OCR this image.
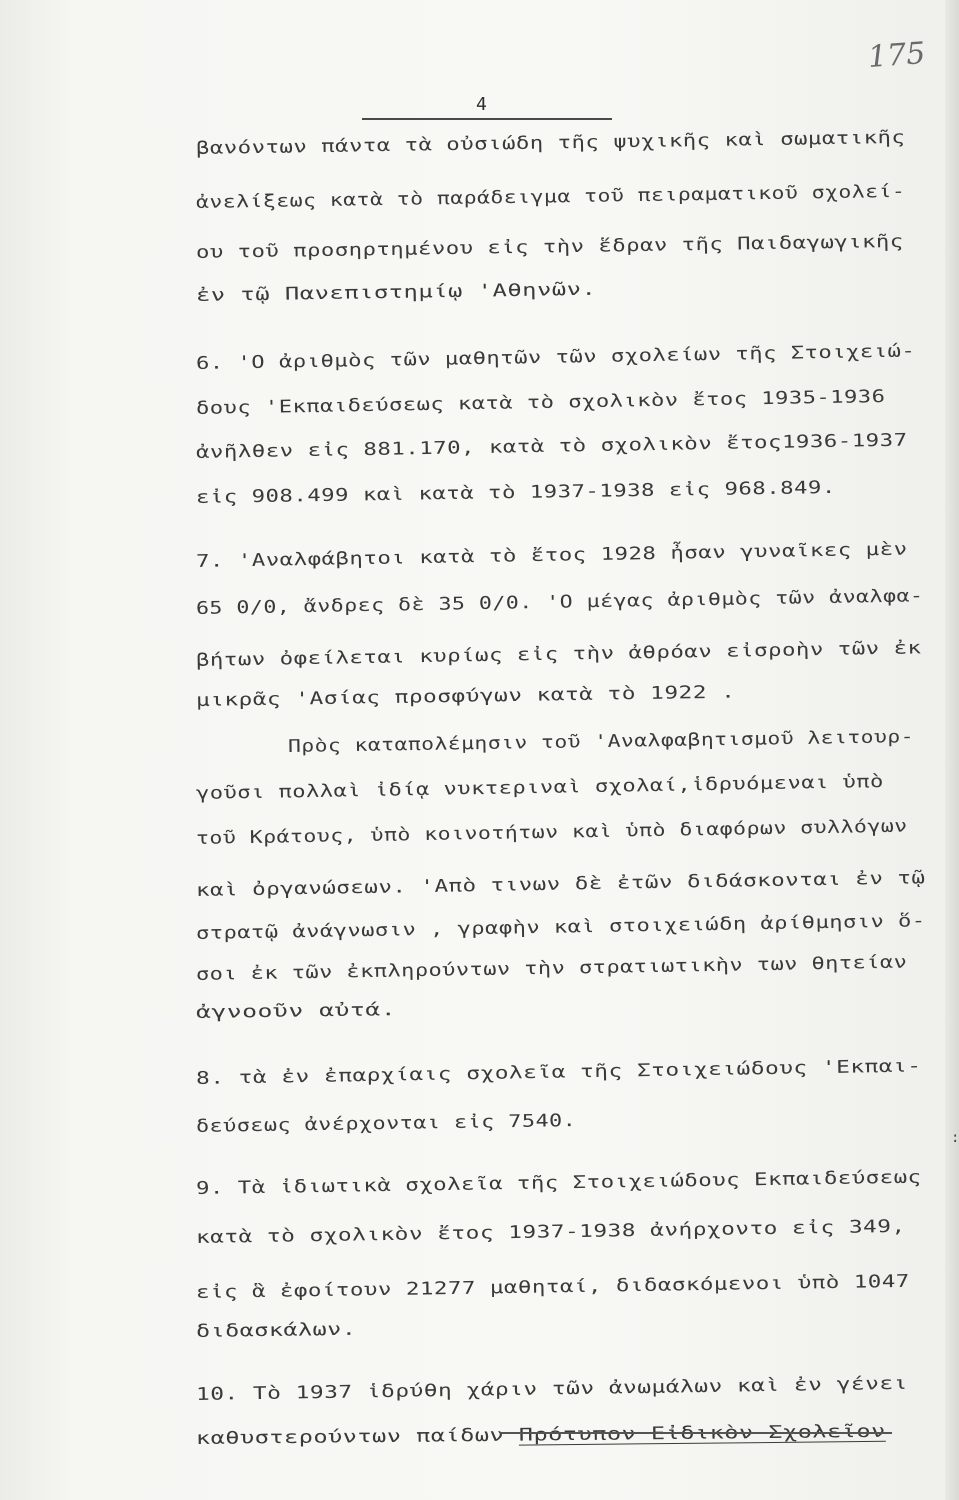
175
4
βανόντων πάντα τὰ οὐσιώδη τῆς ψυχικῆς καὶ σωματικῆς
ἀνελίξεως κατὰ τὸ παράδειγμα τοῦ πειραματικοῦ σχολεί-
ου τοῦ προσηρτημένου εἰς τὴν ἕδραν τῆς Παιδαγωγικῆς
ἐν τῷ Πανεπιστημίῳ 'Αθηνῶν.
6. 'Ο ἀριθμὸς τῶν μαθητῶν τῶν σχολείων τῆς Στοιχειώ-
δους 'Εκπαιδεύσεως κατὰ τὸ σχολικὸν ἔτος 1935-1936
ἀνῆλθεν εἰς 881.170, κατὰ τὸ σχολικὸν ἔτος1936-1937
εἰς 908.499 καὶ κατὰ τὸ 1937-1938 εἰς 968.849.
7. 'Αναλφάβητοι κατὰ τὸ ἔτος 1928 ἦσαν γυναῖκες μὲν
65 0/0, ἄνδρες δὲ 35 0/0. 'Ο μέγας ἀριθμὸς τῶν ἀναλφα-
βήτων ὀφείλεται κυρίως εἰς τὴν ἀθρόαν εἰσροὴν τῶν ἐκ
μικρᾶς 'Ασίας προσφύγων κατὰ τὸ 1922 .
Πρὸς καταπολέμησιν τοῦ 'Αναλφαβητισμοῦ λειτουρ-
γοῦσι πολλαὶ ἰδίᾳ νυκτεριναὶ σχολαί,ἱδρυόμεναι ὑπὸ
τοῦ Κράτους, ὑπὸ κοινοτήτων καὶ ὑπὸ διαφόρων συλλόγων
καὶ ὀργανώσεων. 'Απὸ τινων δὲ ἐτῶν διδάσκονται ἐν τῷ
στρατῷ ἀνάγνωσιν , γραφὴν καὶ στοιχειώδη ἀρίθμησιν ὅ-
σοι ἐκ τῶν ἐκπληρούντων τὴν στρατιωτικὴν των θητείαν
ἀγνοοῦν αὐτά.
8. τὰ ἐν ἐπαρχίαις σχολεῖα τῆς Στοιχειώδους 'Εκπαι-
δεύσεως ἀνέρχονται εἰς 7540.
9. Τὰ ἰδιωτικὰ σχολεῖα τῆς Στοιχειώδους Εκπαιδεύσεως
κατὰ τὸ σχολικὸν ἔτος 1937-1938 ἀνήρχοντο εἰς 349,
εἰς ἃ ἐφοίτουν 21277 μαθηταί, διδασκόμενοι ὑπὸ 1047
διδασκάλων.
10. Τὸ 1937 ἱδρύθη χάριν τῶν ἀνωμάλων καὶ ἐν γένει
καθυστερούντων παίδων Πρότυπον Εἰδικὸν Σχολεῖον
:
